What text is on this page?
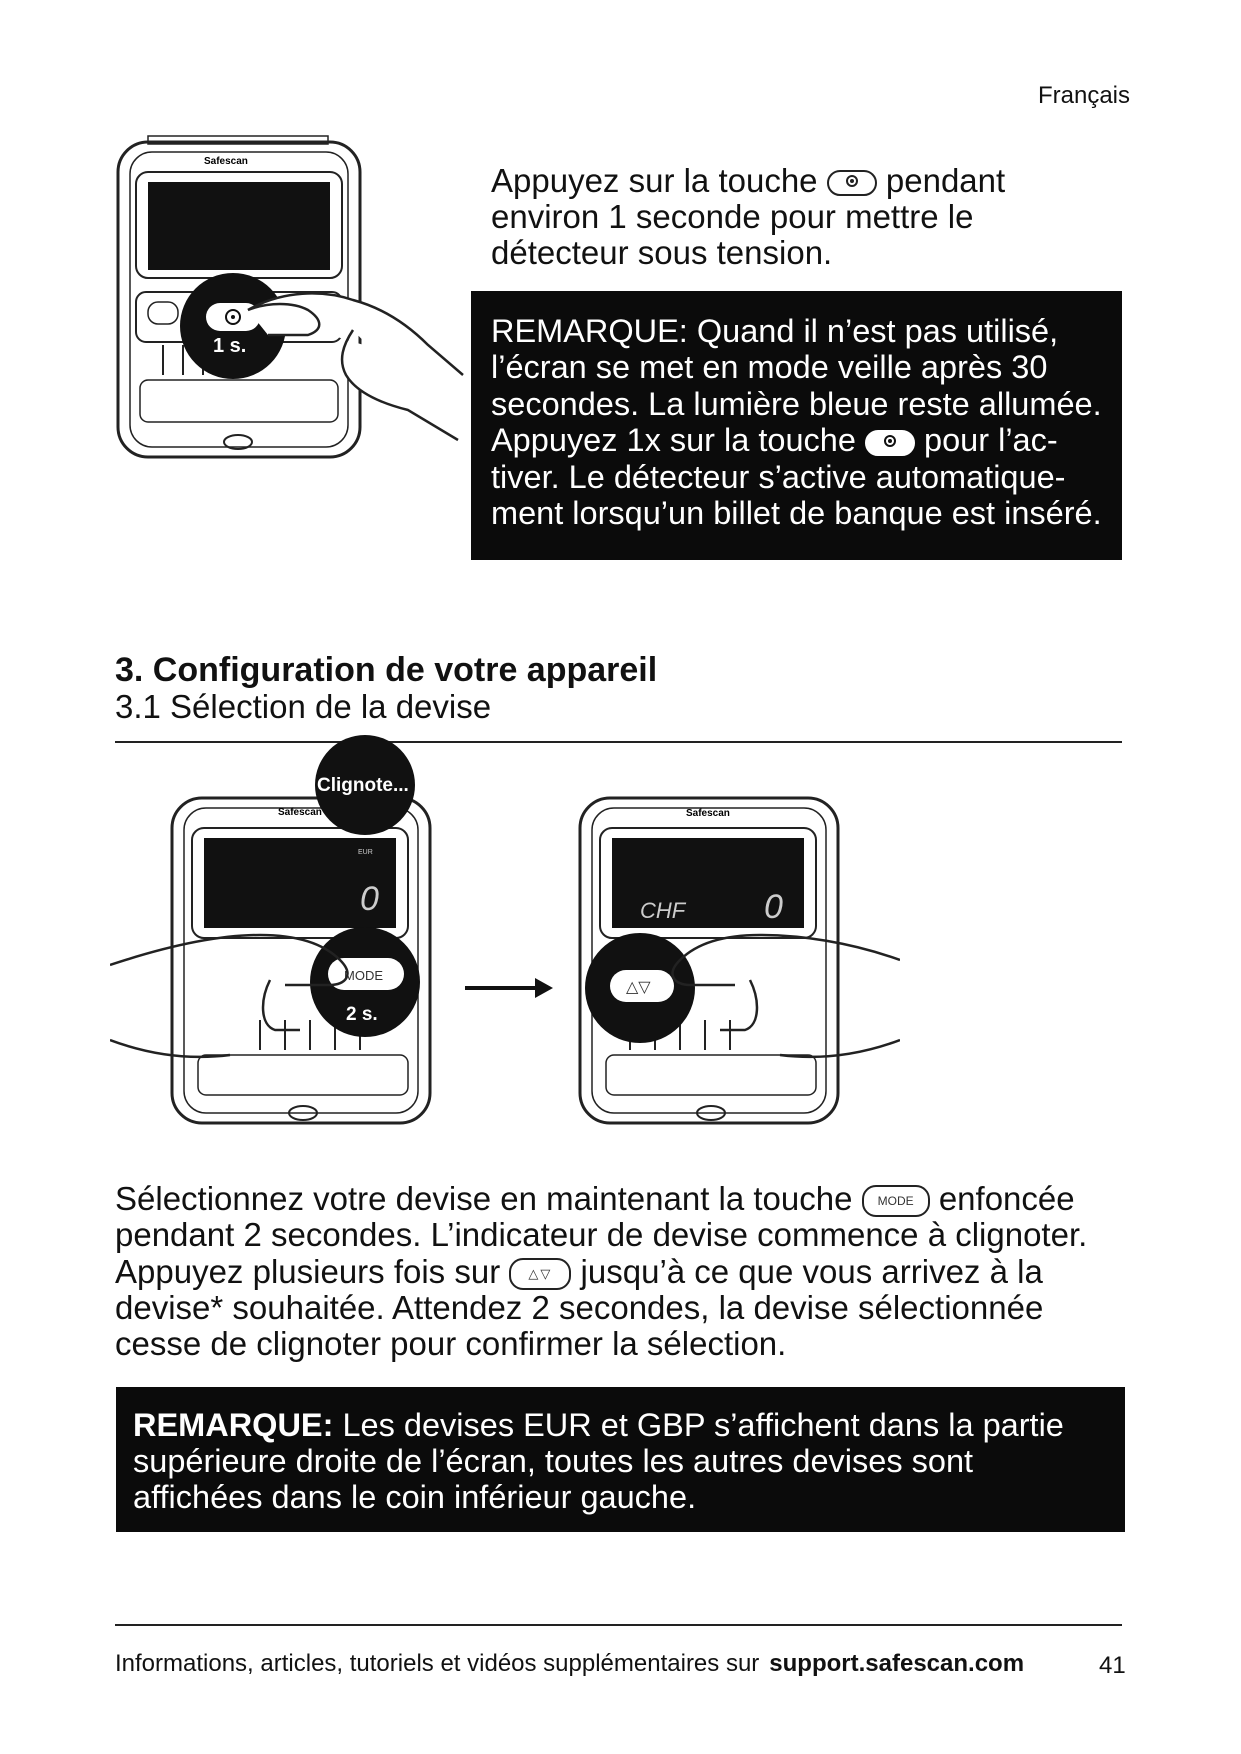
Français
Safescan
1 s.

Appuyez sur la touche pendant
environ 1 seconde pour mettre le
détecteur sous tension.

REMARQUE: Quand il n’est pas utilisé,

l’écran se met en mode veille après 30

secondes. La lumière bleue reste allumée.

Appuyez 1x sur la touche pour l’ac-

tiver. Le détecteur s’active automatique-

ment lorsqu’un billet de banque est inséré.

3. Configuration de votre appareil
3.1 Sélection de la devise
Safescan
EUR
0
Clignote...
MODE
2 s.
Safescan
CHF 0
△▽

Sélectionnez votre devise en maintenant la touche MODE enfoncée
pendant 2 secondes. L’indicateur de devise commence à clignoter.
Appuyez plusieurs fois sur △▽ jusqu’à ce que vous arrivez à la
devise* souhaitée. Attendez 2 secondes, la devise sélectionnée
cesse de clignoter pour confirmer la sélection.

REMARQUE: Les devises EUR et GBP s’affichent dans la partie
supérieure droite de l’écran, toutes les autres devises sont
affichées dans le coin inférieur gauche.

Informations, articles, tutoriels et vidéos supplémentaires sur support.safescan.com	41
